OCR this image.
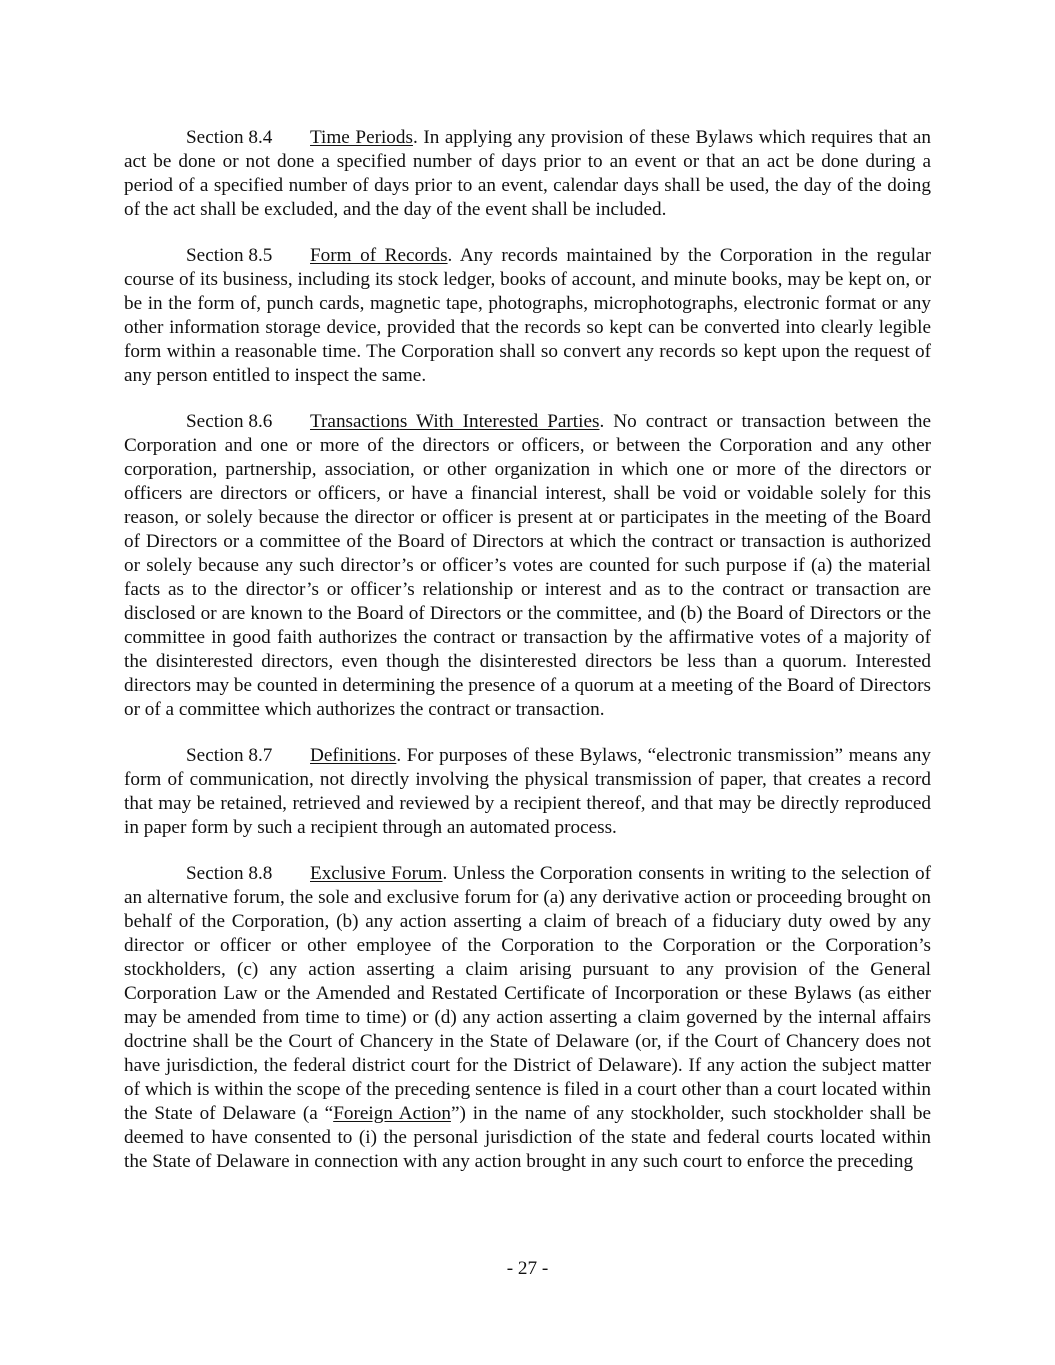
Section 8.4 Time Periods. In applying any provision of these Bylaws which requires that an act be done or not done a specified number of days prior to an event or that an act be done during a period of a specified number of days prior to an event, calendar days shall be used, the day of the doing of the act shall be excluded, and the day of the event shall be included.

Section 8.5 Form of Records. Any records maintained by the Corporation in the regular course of its business, including its stock ledger, books of account, and minute books, may be kept on, or be in the form of, punch cards, magnetic tape, photographs, microphotographs, electronic format or any other information storage device, provided that the records so kept can be converted into clearly legible form within a reasonable time. The Corporation shall so convert any records so kept upon the request of any person entitled to inspect the same.

Section 8.6 Transactions With Interested Parties. No contract or transaction between the Corporation and one or more of the directors or officers, or between the Corporation and any other corporation, partnership, association, or other organization in which one or more of the directors or officers are directors or officers, or have a financial interest, shall be void or voidable solely for this reason, or solely because the director or officer is present at or participates in the meeting of the Board of Directors or a committee of the Board of Directors at which the contract or transaction is authorized or solely because any such director’s or officer’s votes are counted for such purpose if (a) the material facts as to the director’s or officer’s relationship or interest and as to the contract or transaction are disclosed or are known to the Board of Directors or the committee, and (b) the Board of Directors or the committee in good faith authorizes the contract or transaction by the affirmative votes of a majority of the disinterested directors, even though the disinterested directors be less than a quorum. Interested directors may be counted in determining the presence of a quorum at a meeting of the Board of Directors or of a committee which authorizes the contract or transaction.

Section 8.7 Definitions. For purposes of these Bylaws, “electronic transmission” means any form of communication, not directly involving the physical transmission of paper, that creates a record that may be retained, retrieved and reviewed by a recipient thereof, and that may be directly reproduced in paper form by such a recipient through an automated process.

Section 8.8 Exclusive Forum. Unless the Corporation consents in writing to the selection of an alternative forum, the sole and exclusive forum for (a) any derivative action or proceeding brought on behalf of the Corporation, (b) any action asserting a claim of breach of a fiduciary duty owed by any director or officer or other employee of the Corporation to the Corporation or the Corporation’s stockholders, (c) any action asserting a claim arising pursuant to any provision of the General Corporation Law or the Amended and Restated Certificate of Incorporation or these Bylaws (as either may be amended from time to time) or (d) any action asserting a claim governed by the internal affairs doctrine shall be the Court of Chancery in the State of Delaware (or, if the Court of Chancery does not have jurisdiction, the federal district court for the District of Delaware). If any action the subject matter of which is within the scope of the preceding sentence is filed in a court other than a court located within the State of Delaware (a “Foreign Action”) in the name of any stockholder, such stockholder shall be deemed to have consented to (i) the personal jurisdiction of the state and federal courts located within the State of Delaware in connection with any action brought in any such court to enforce the preceding

- 27 -
